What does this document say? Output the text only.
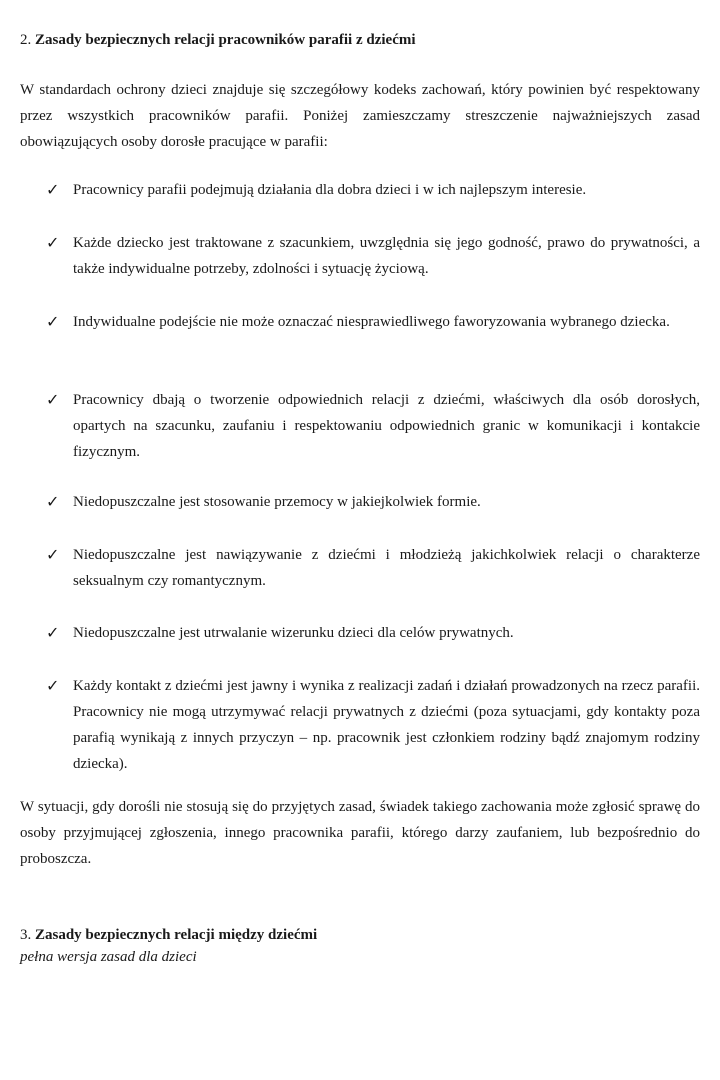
2. Zasady bezpiecznych relacji pracowników parafii z dziećmi

W standardach ochrony dzieci znajduje się szczegółowy kodeks zachowań, który powinien być respektowany przez wszystkich pracowników parafii. Poniżej zamieszczamy streszczenie najważniejszych zasad obowiązujących osoby dorosłe pracujące w parafii:

✓ Pracownicy parafii podejmują działania dla dobra dzieci i w ich najlepszym interesie.
✓ Każde dziecko jest traktowane z szacunkiem, uwzględnia się jego godność, prawo do prywatności, a także indywidualne potrzeby, zdolności i sytuację życiową.
✓ Indywidualne podejście nie może oznaczać niesprawiedliwego faworyzowania wybranego dziecka.
✓ Pracownicy dbają o tworzenie odpowiednich relacji z dziećmi, właściwych dla osób dorosłych, opartych na szacunku, zaufaniu i respektowaniu odpowiednich granic w komunikacji i kontakcie fizycznym.
✓ Niedopuszczalne jest stosowanie przemocy w jakiejkolwiek formie.
✓ Niedopuszczalne jest nawiązywanie z dziećmi i młodzieżą jakichkolwiek relacji o charakterze seksualnym czy romantycznym.
✓ Niedopuszczalne jest utrwalanie wizerunku dzieci dla celów prywatnych.
✓ Każdy kontakt z dziećmi jest jawny i wynika z realizacji zadań i działań prowadzonych na rzecz parafii. Pracownicy nie mogą utrzymywać relacji prywatnych z dziećmi (poza sytuacjami, gdy kontakty poza parafią wynikają z innych przyczyn – np. pracownik jest członkiem rodziny bądź znajomym rodziny dziecka).

W sytuacji, gdy dorośli nie stosują się do przyjętych zasad, świadek takiego zachowania może zgłosić sprawę do osoby przyjmującej zgłoszenia, innego pracownika parafii, którego darzy zaufaniem, lub bezpośrednio do proboszcza.

3. Zasady bezpiecznych relacji między dziećmi
pełna wersja zasad dla dzieci
